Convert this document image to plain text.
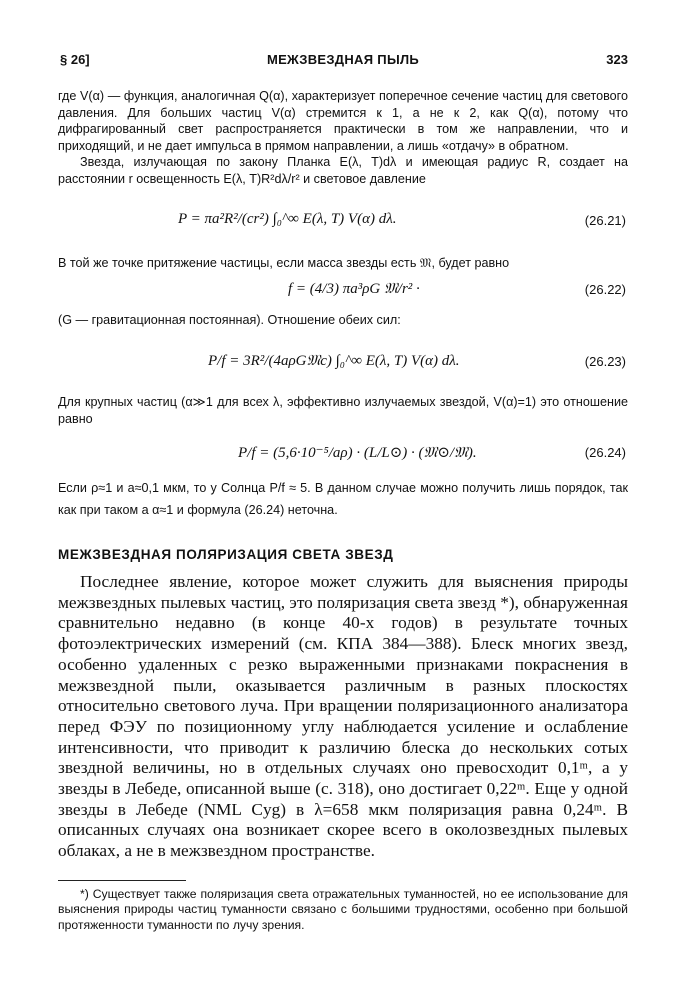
§ 26]	МЕЖЗВЕЗДНАЯ ПЫЛЬ	323

где V(α) — функция, аналогичная Q(α), характеризует поперечное сечение частиц для светового давления. Для больших частиц V(α) стремится к 1, а не к 2, как Q(α), потому что дифрагированный свет распространяется практически в том же направлении, что и приходящий, и не дает импульса в прямом направлении, а лишь «отдачу» в обратном.

Звезда, излучающая по закону Планка E(λ, T)dλ и имеющая радиус R, создает на расстоянии r освещенность E(λ, T)R²dλ/r² и световое давление

P = πa²R²/(cr²) ∫₀^∞ E(λ, T) V(α) dλ.	(26.21)

В той же точке притяжение частицы, если масса звезды есть 𝔐, будет равно

f = (4/3) πa³ρG 𝔐/r² ·	(26.22)

(G — гравитационная постоянная). Отношение обеих сил:

P/f = 3R²/(4aρG𝔐c) ∫₀^∞ E(λ, T) V(α) dλ.	(26.23)

Для крупных частиц (α≫1 для всех λ, эффективно излучаемых звездой, V(α)=1) это отношение равно

P/f = (5,6·10⁻⁵/aρ) · (L/L⊙) · (𝔐⊙/𝔐).	(26.24)

Если ρ≈1 и a≈0,1 мкм, то у Солнца P/f ≈ 5. В данном случае можно получить лишь порядок, так как при таком a α≈1 и формула (26.24) неточна.

МЕЖЗВЕЗДНАЯ ПОЛЯРИЗАЦИЯ СВЕТА ЗВЕЗД

Последнее явление, которое может служить для выяснения природы межзвездных пылевых частиц, это поляризация света звезд *), обнаруженная сравнительно недавно (в конце 40-х годов) в результате точных фотоэлектрических измерений (см. КПА 384—388). Блеск многих звезд, особенно удаленных с резко выраженными признаками покраснения в межзвездной пыли, оказывается различным в разных плоскостях относительно светового луча. При вращении поляризационного анализатора перед ФЭУ по позиционному углу наблюдается усиление и ослабление интенсивности, что приводит к различию блеска до нескольких сотых звездной величины, но в отдельных случаях оно превосходит 0,1ᵐ, а у звезды в Лебеде, описанной выше (с. 318), оно достигает 0,22ᵐ. Еще у одной звезды в Лебеде (NML Cyg) в λ=658 мкм поляризация равна 0,24ᵐ. В описанных случаях она возникает скорее всего в околозвездных пылевых облаках, а не в межзвездном пространстве.

*) Существует также поляризация света отражательных туманностей, но ее использование для выяснения природы частиц туманности связано с большими трудностями, особенно при большой протяженности туманности по лучу зрения.
